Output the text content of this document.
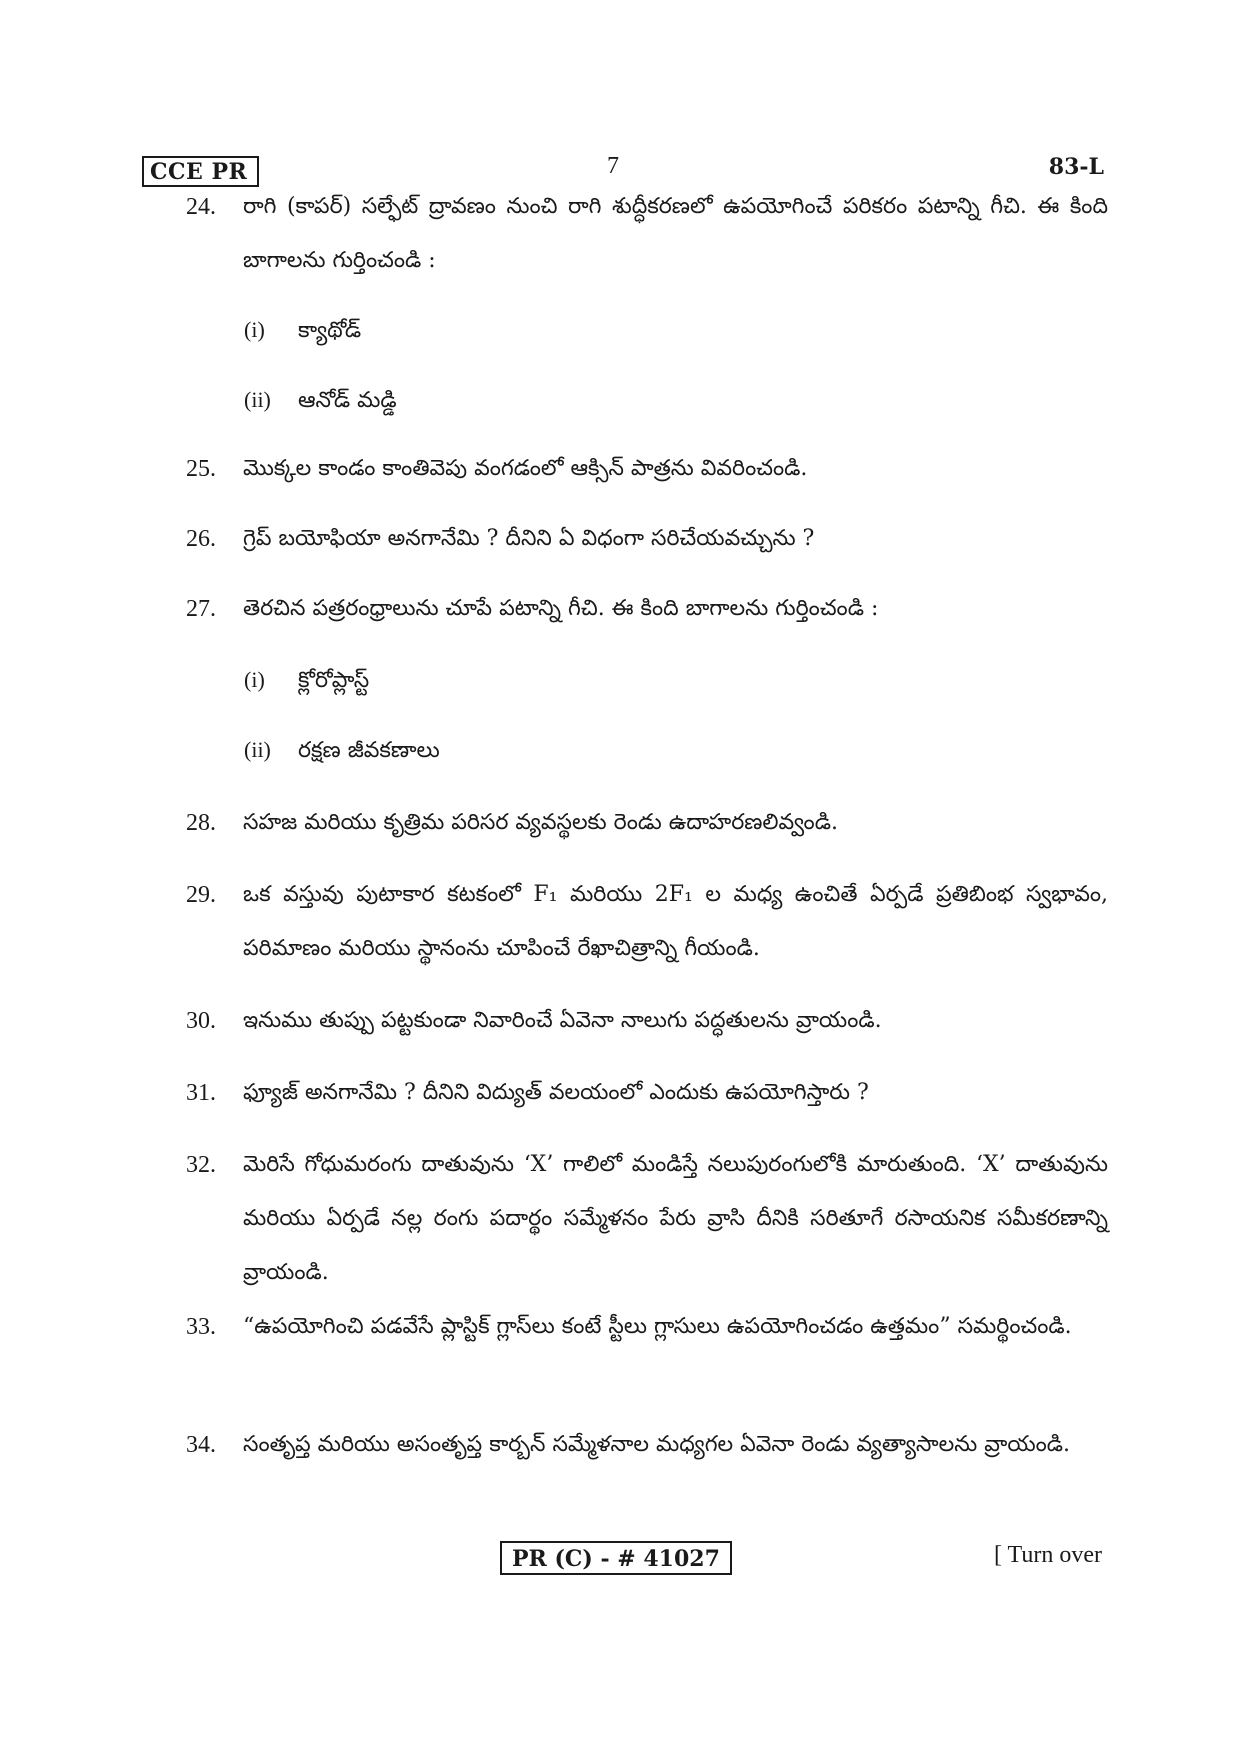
CCE PR	7	83-L
24. రాగి (కాపర్) సల్ఫేట్ ద్రావణం నుంచి రాగి శుద్ధీకరణలో ఉపయోగించే పరికరం పటాన్ని గీచి. ఈ కింది బాగాలను గుర్తించండి :
(i) క్యాథోడ్
(ii) ఆనోడ్ మడ్డి
25. మొక్కల కాండం కాంతివెపు వంగడంలో ఆక్సిన్ పాత్రను వివరించండి.
26. గ్రెప్ బయోఫియా అనగానేమి ? దీనిని ఏ విధంగా సరిచేయవచ్చును ?
27. తెరచిన పత్రరంధ్రాలును చూపే పటాన్ని గీచి. ఈ కింది బాగాలను గుర్తించండి :
(i) క్లోరోప్లాస్ట్
(ii) రక్షణ జీవకణాలు
28. సహజ మరియు కృత్రిమ పరిసర వ్యవస్థలకు రెండు ఉదాహరణలివ్వండి.
29. ఒక వస్తువు పుటాకార కటకంలో F₁ మరియు 2F₁ ల మధ్య ఉంచితే ఏర్పడే ప్రతిబింభ స్వభావం, పరిమాణం మరియు స్థానంను చూపించే రేఖాచిత్రాన్ని గీయండి.
30. ఇనుము తుప్పు పట్టకుండా నివారించే ఏవెనా నాలుగు పద్ధతులను వ్రాయండి.
31. ఫ్యూజ్ అనగానేమి ? దీనిని విద్యుత్ వలయంలో ఎందుకు ఉపయోగిస్తారు ?
32. మెరిసే గోధుమరంగు దాతువును ‘X’ గాలిలో మండిస్తే నలుపురంగులోకి మారుతుంది. ‘X’ దాతువును మరియు ఏర్పడే నల్ల రంగు పదార్థం సమ్మేళనం పేరు వ్రాసి దీనికి సరితూగే రసాయనిక సమీకరణాన్ని వ్రాయండి.
33. “ఉపయోగించి పడవేసే ప్లాస్టిక్ గ్లాస్‌లు కంటే స్టీలు గ్లాసులు ఉపయోగించడం ఉత్తమం” సమర్థించండి.
34. సంతృప్త మరియు అసంతృప్త కార్బన్ సమ్మేళనాల మధ్యగల ఏవెనా రెండు వ్యత్యాసాలను వ్రాయండి.
PR (C) - # 41027	[ Turn over
